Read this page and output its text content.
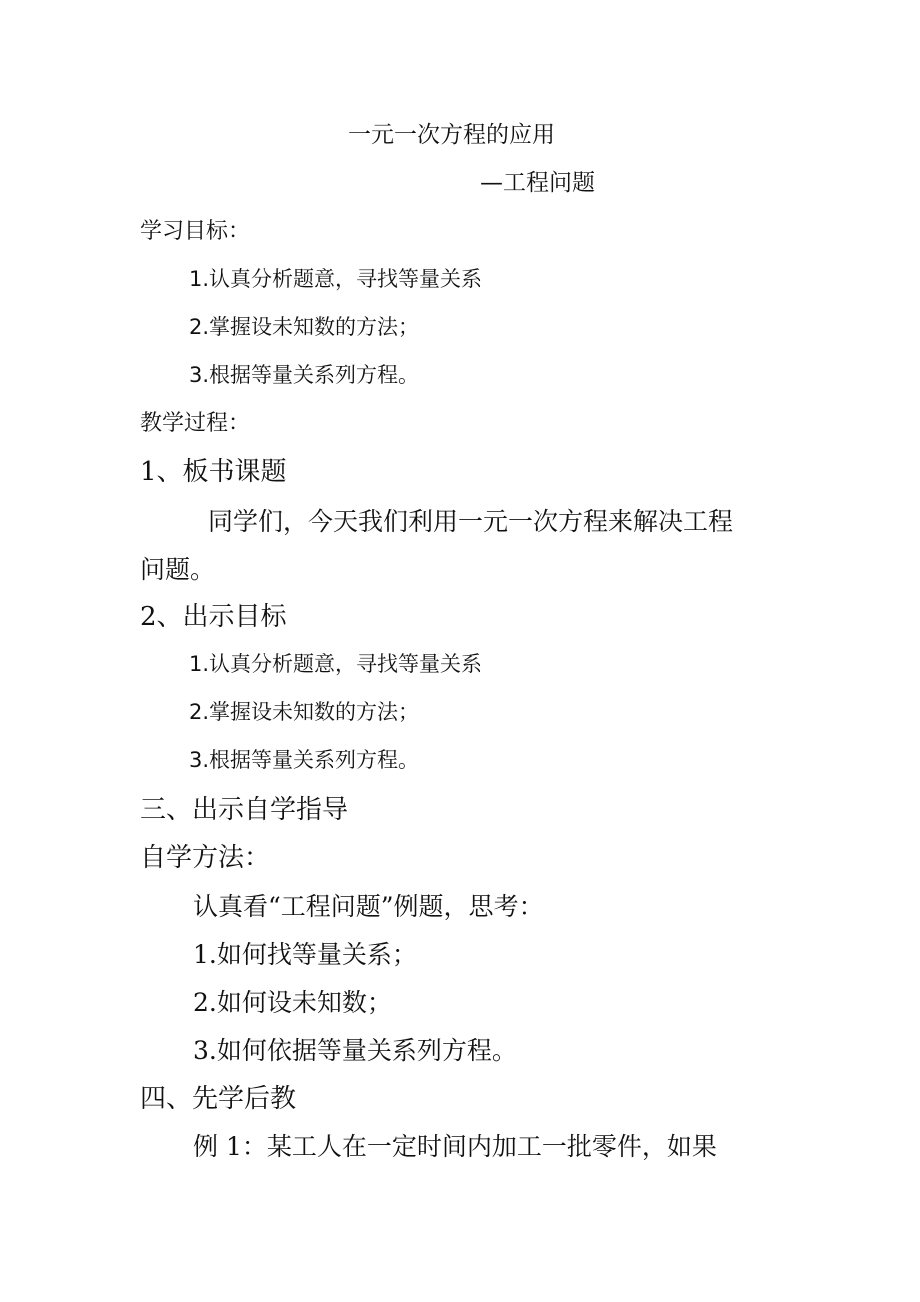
一元一次方程的应用
—工程问题
学习目标：
1.认真分析题意，寻找等量关系
2.掌握设未知数的方法；
3.根据等量关系列方程。
教学过程：
1、板书课题
同学们，今天我们利用一元一次方程来解决工程
问题。
2、出示目标
1.认真分析题意，寻找等量关系
2.掌握设未知数的方法；
3.根据等量关系列方程。
三、出示自学指导
自学方法：
认真看“工程问题”例题，思考：
1.如何找等量关系；
2.如何设未知数；
3.如何依据等量关系列方程。
四、先学后教
例 1：某工人在一定时间内加工一批零件，如果
